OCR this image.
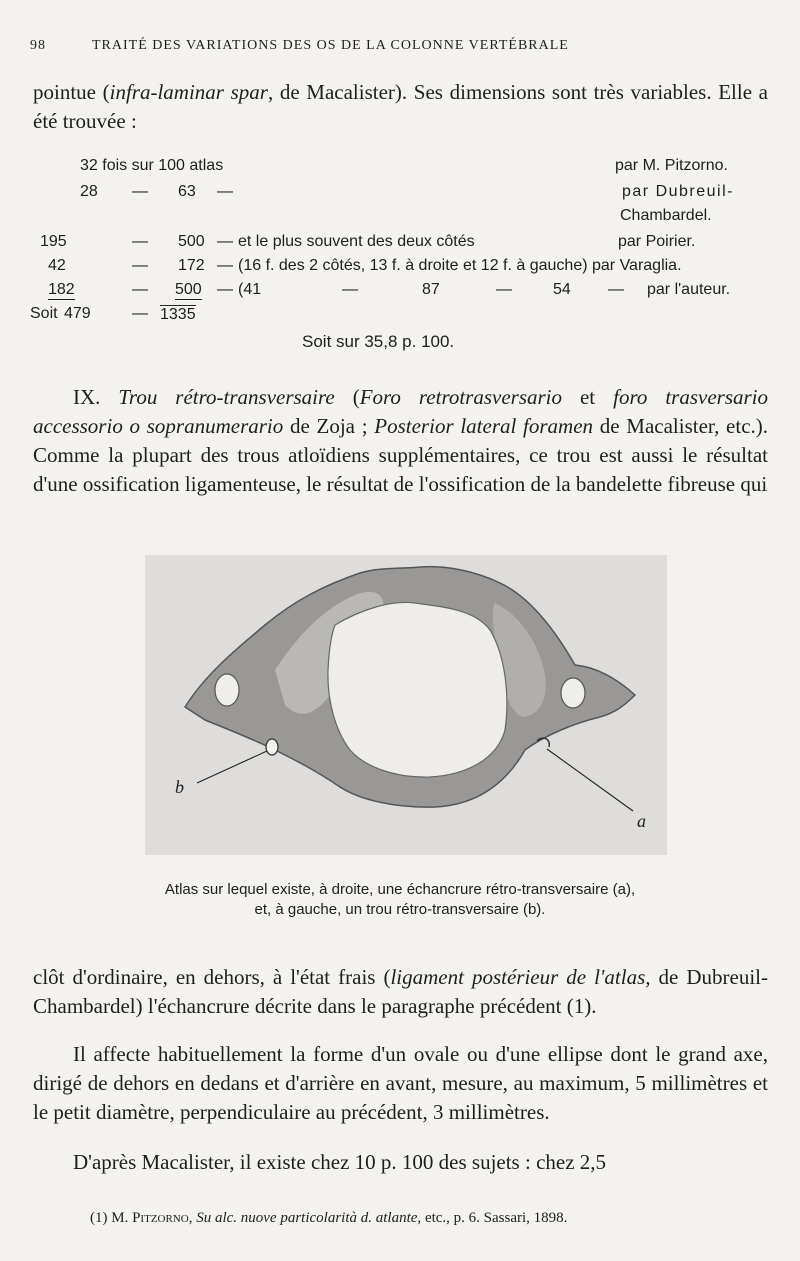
98	TRAITÉ DES VARIATIONS DES OS DE LA COLONNE VERTÉBRALE

pointue (infra-laminar spar, de Macalister). Ses dimensions sont très variables. Elle a été trouvée :

32 fois sur 100 atlas	par M. Pitzorno.
28 — 63 —	par Dubreuil-
Chambardel.
195	— 500 — et le plus souvent des deux côtés	par Poirier.
42	— 172 — (16 f. des 2 côtés, 13 f. à droite et 12 f. à gauche) par Varaglia.
182	— 500 — (41	—	87	—	54 — par l'auteur.
Soit 479	— 1335
Soit sur 35,8 p. 100.

IX. Trou rétro-transversaire (Foro retrotrasversario et foro trasversario accessorio o sopranumerario de Zoja ; Posterior lateral foramen de Macalister, etc.). Comme la plupart des trous atloïdiens supplémentaires, ce trou est aussi le résultat d'une ossification ligamenteuse, le résultat de l'ossification de la bandelette fibreuse qui

b
a

Atlas sur lequel existe, à droite, une échancrure rétro-transversaire (a),
et, à gauche, un trou rétro-transversaire (b).

clôt d'ordinaire, en dehors, à l'état frais (ligament postérieur de l'atlas, de Dubreuil-Chambardel) l'échancrure décrite dans le paragraphe précédent (1).

Il affecte habituellement la forme d'un ovale ou d'une ellipse dont le grand axe, dirigé de dehors en dedans et d'arrière en avant, mesure, au maximum, 5 millimètres et le petit diamètre, perpendiculaire au précédent, 3 millimètres.

D'après Macalister, il existe chez 10 p. 100 des sujets : chez 2,5

(1) M. Pitzorno, Su alc. nuove particolarità d. atlante, etc., p. 6. Sassari, 1898.
